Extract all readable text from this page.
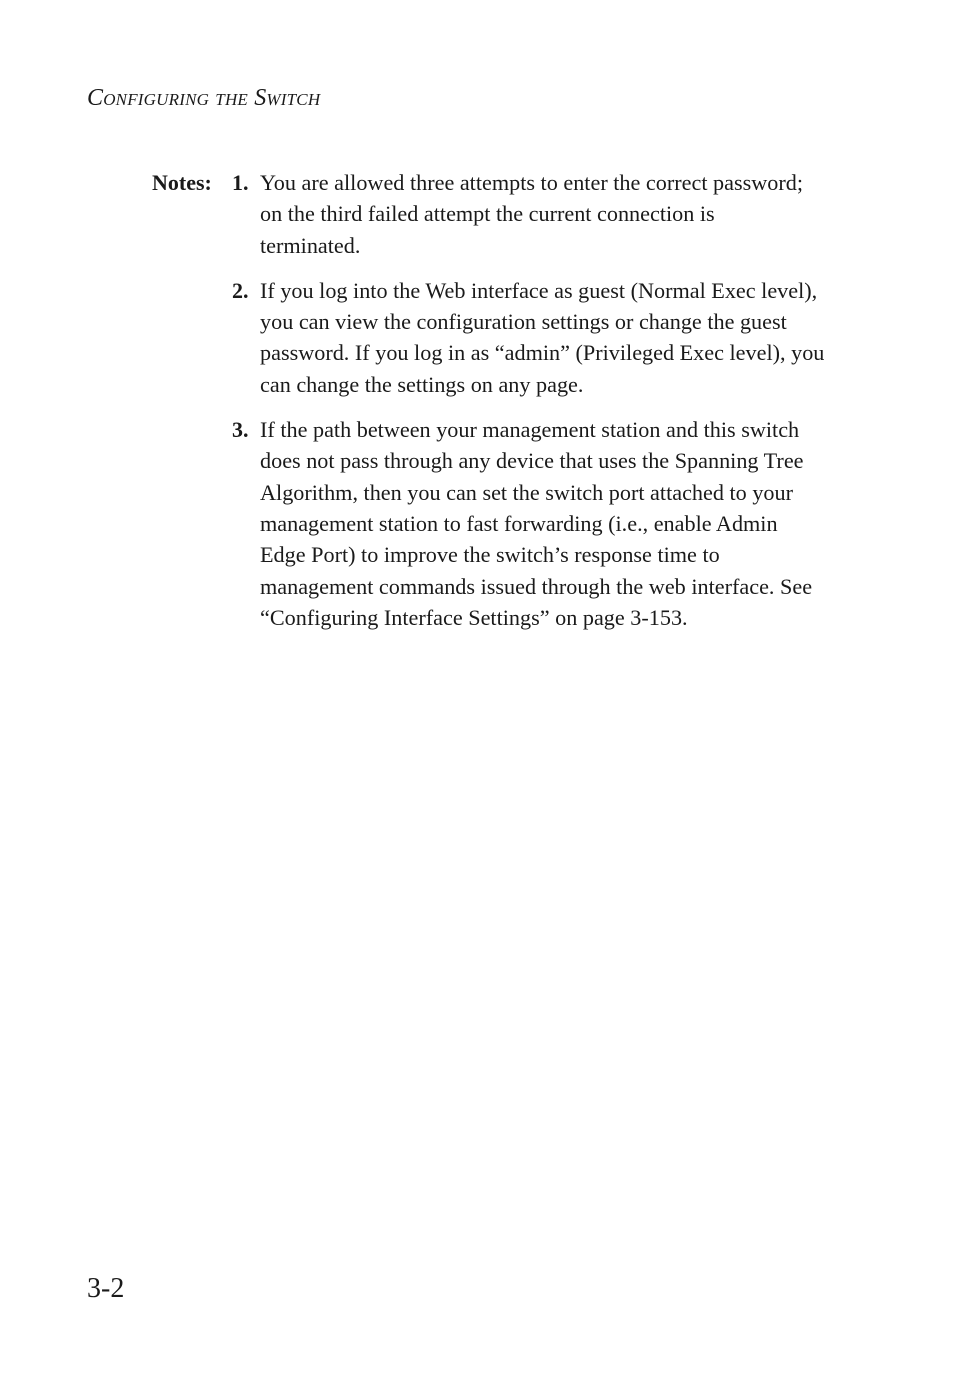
Configuring the Switch
Notes: 1. You are allowed three attempts to enter the correct password;
on the third failed attempt the current connection is
terminated.
2. If you log into the Web interface as guest (Normal Exec level),
you can view the configuration settings or change the guest
password. If you log in as “admin” (Privileged Exec level), you
can change the settings on any page.
3. If the path between your management station and this switch
does not pass through any device that uses the Spanning Tree
Algorithm, then you can set the switch port attached to your
management station to fast forwarding (i.e., enable Admin
Edge Port) to improve the switch’s response time to
management commands issued through the web interface. See
“Configuring Interface Settings” on page 3-153.
3-2
